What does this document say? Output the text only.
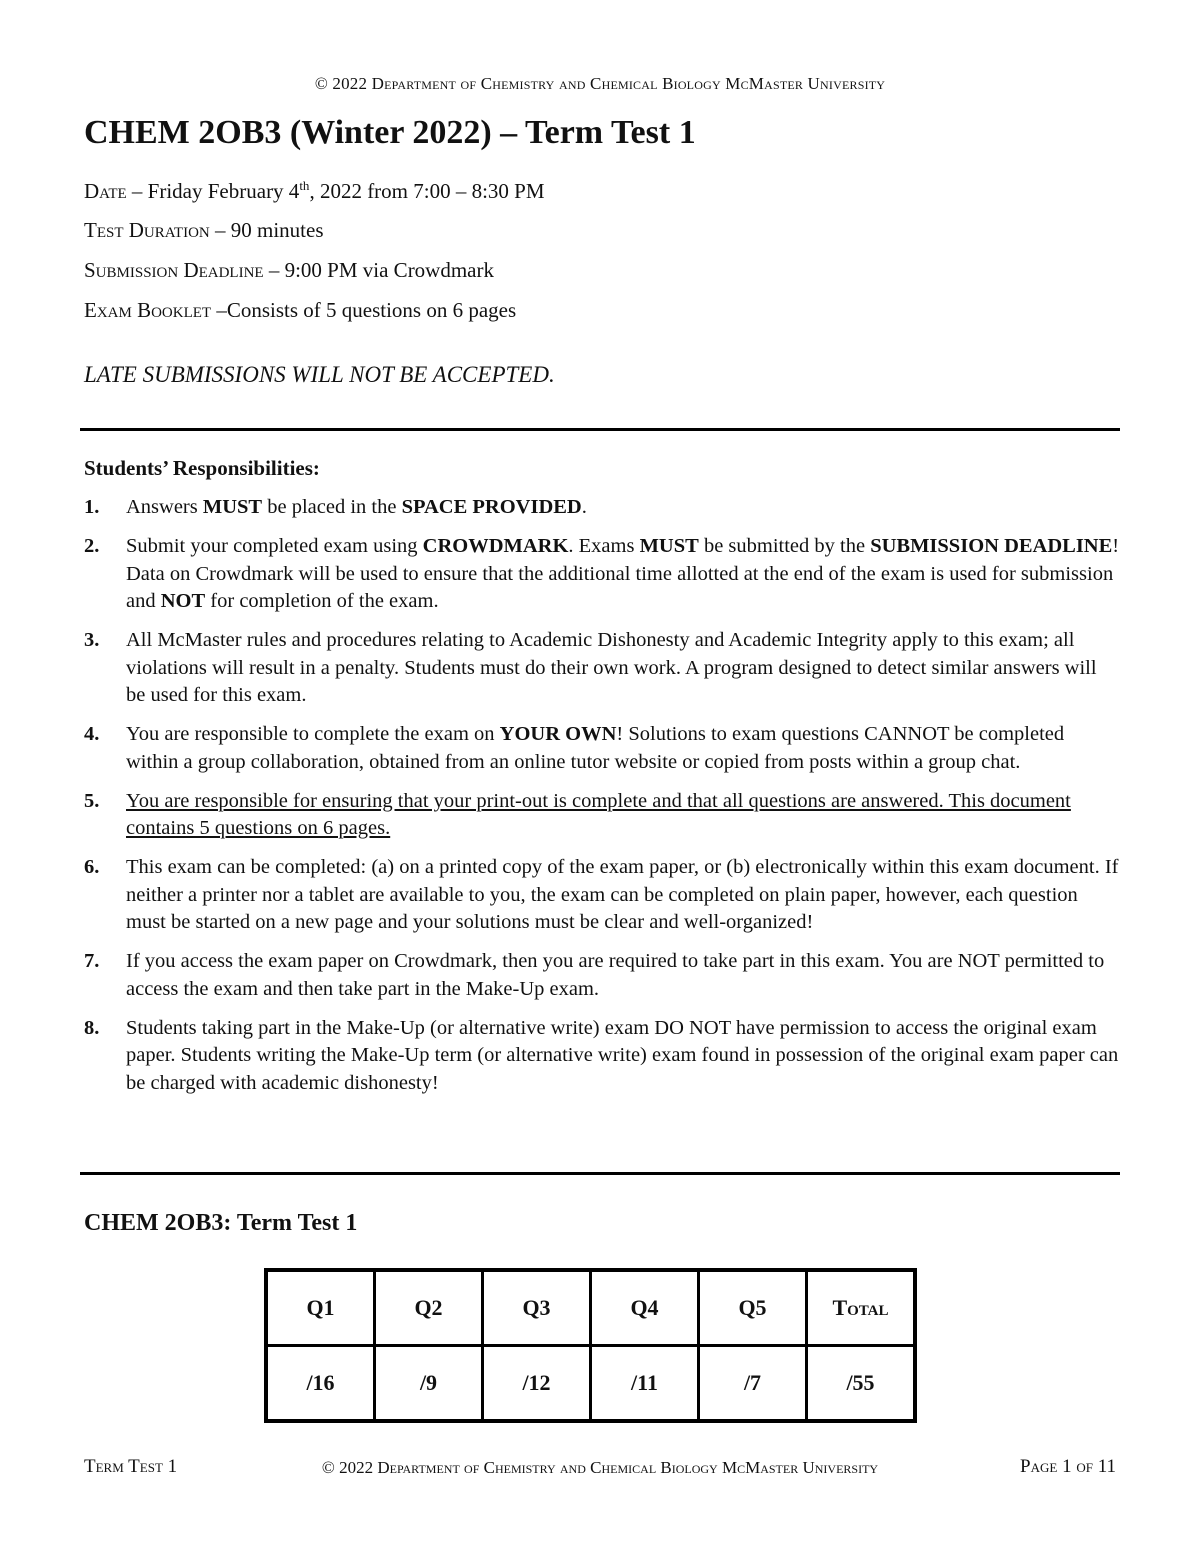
© 2022 Department of Chemistry and Chemical Biology McMaster University
CHEM 2OB3 (Winter 2022) – Term Test 1
Date – Friday February 4th, 2022 from 7:00 – 8:30 PM
Test Duration – 90 minutes
Submission Deadline – 9:00 PM via Crowdmark
Exam Booklet –Consists of 5 questions on 6 pages
LATE SUBMISSIONS WILL NOT BE ACCEPTED.
Students’ Responsibilities:
1.	Answers MUST be placed in the SPACE PROVIDED.
2.	Submit your completed exam using CROWDMARK. Exams MUST be submitted by the SUBMISSION DEADLINE! Data on Crowdmark will be used to ensure that the additional time allotted at the end of the exam is used for submission and NOT for completion of the exam.
3.	All McMaster rules and procedures relating to Academic Dishonesty and Academic Integrity apply to this exam; all violations will result in a penalty. Students must do their own work. A program designed to detect similar answers will be used for this exam.
4.	You are responsible to complete the exam on YOUR OWN! Solutions to exam questions CANNOT be completed within a group collaboration, obtained from an online tutor website or copied from posts within a group chat.
5.	You are responsible for ensuring that your print-out is complete and that all questions are answered. This document contains 5 questions on 6 pages.
6.	This exam can be completed: (a) on a printed copy of the exam paper, or (b) electronically within this exam document. If neither a printer nor a tablet are available to you, the exam can be completed on plain paper, however, each question must be started on a new page and your solutions must be clear and well-organized!
7.	If you access the exam paper on Crowdmark, then you are required to take part in this exam. You are NOT permitted to access the exam and then take part in the Make-Up exam.
8.	Students taking part in the Make-Up (or alternative write) exam DO NOT have permission to access the original exam paper. Students writing the Make-Up term (or alternative write) exam found in possession of the original exam paper can be charged with academic dishonesty!
CHEM 2OB3: Term Test 1
Q1	Q2	Q3	Q4	Q5	Total
/16	/9	/12	/11	/7	/55
Term Test 1	© 2022 Department of Chemistry and Chemical Biology McMaster University	Page 1 of 11
